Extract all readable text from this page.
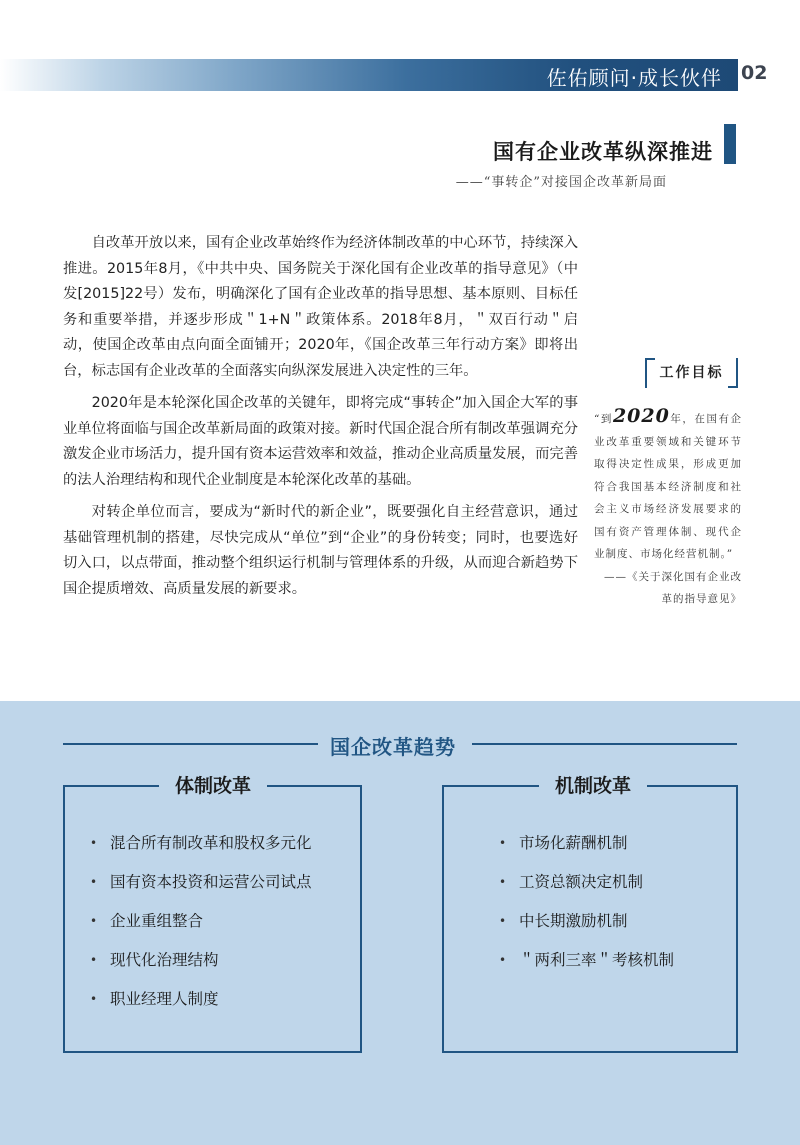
佐佑顾问·成长伙伴 02
国有企业改革纵深推进
——“事转企”对接国企改革新局面

自改革开放以来，国有企业改革始终作为经济体制改革的中心环节，持续深入推进。2015年8月，《中共中央、国务院关于深化国有企业改革的指导意见》（中发[2015]22号）发布，明确深化了国有企业改革的指导思想、基本原则、目标任务和重要举措，并逐步形成＂1+N＂政策体系。2018年8月，＂双百行动＂启动，使国企改革由点向面全面铺开；2020年，《国企改革三年行动方案》即将出台，标志国有企业改革的全面落实向纵深发展进入决定性的三年。

2020年是本轮深化国企改革的关键年，即将完成“事转企”加入国企大军的事业单位将面临与国企改革新局面的政策对接。新时代国企混合所有制改革强调充分激发企业市场活力，提升国有资本运营效率和效益，推动企业高质量发展，而完善的法人治理结构和现代企业制度是本轮深化改革的基础。

对转企单位而言，要成为“新时代的新企业”，既要强化自主经营意识，通过基础管理机制的搭建，尽快完成从“单位”到“企业”的身份转变；同时，也要选好切入口，以点带面，推动整个组织运行机制与管理体系的升级，从而迎合新趋势下国企提质增效、高质量发展的新要求。

工作目标
“到2020年，在国有企业改革重要领域和关键环节取得决定性成果，形成更加符合我国基本经济制度和社会主义市场经济发展要求的国有资产管理体制、现代企业制度、市场化经营机制。”
——《关于深化国有企业改革的指导意见》
国企改革趋势
体制改革
• 混合所有制改革和股权多元化
• 国有资本投资和运营公司试点
• 企业重组整合
• 现代化治理结构
• 职业经理人制度
机制改革
• 市场化薪酬机制
• 工资总额决定机制
• 中长期激励机制
• ＂两利三率＂考核机制
